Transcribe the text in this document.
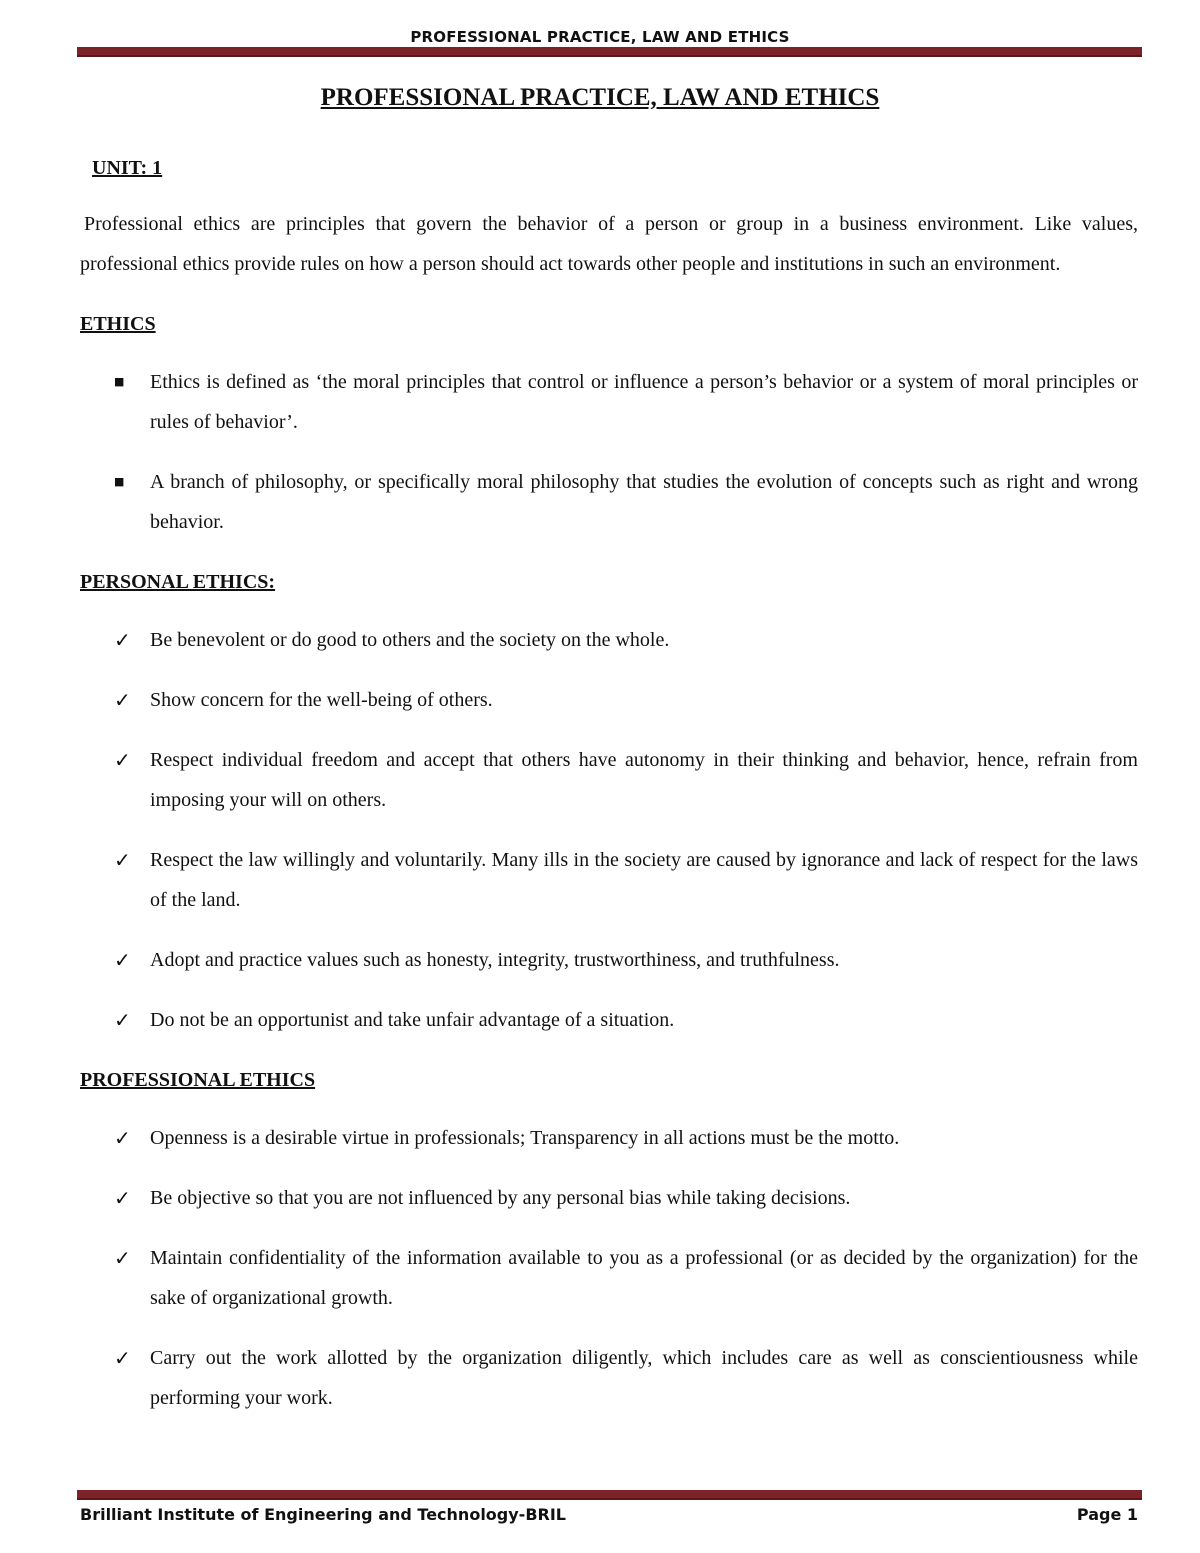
PROFESSIONAL PRACTICE, LAW AND ETHICS
PROFESSIONAL PRACTICE, LAW AND ETHICS
UNIT: 1

Professional ethics are principles that govern the behavior of a person or group in a business environment. Like values, professional ethics provide rules on how a person should act towards other people and institutions in such an environment.

ETHICS
■	Ethics is defined as ‘the moral principles that control or influence a person’s behavior or a system of moral principles or rules of behavior’.
■	A branch of philosophy, or specifically moral philosophy that studies the evolution of concepts such as right and wrong behavior.
PERSONAL ETHICS:
✓ Be benevolent or do good to others and the society on the whole.
✓ Show concern for the well-being of others.
✓ Respect individual freedom and accept that others have autonomy in their thinking and behavior, hence, refrain from imposing your will on others.
✓ Respect the law willingly and voluntarily. Many ills in the society are caused by ignorance and lack of respect for the laws of the land.
✓ Adopt and practice values such as honesty, integrity, trustworthiness, and truthfulness.
✓ Do not be an opportunist and take unfair advantage of a situation.
PROFESSIONAL ETHICS
✓ Openness is a desirable virtue in professionals; Transparency in all actions must be the motto.
✓ Be objective so that you are not influenced by any personal bias while taking decisions.
✓ Maintain confidentiality of the information available to you as a professional (or as decided by the organization) for the sake of organizational growth.
✓ Carry out the work allotted by the organization diligently, which includes care as well as conscientiousness while performing your work.
Brilliant Institute of Engineering and Technology-BRIL	Page 1
